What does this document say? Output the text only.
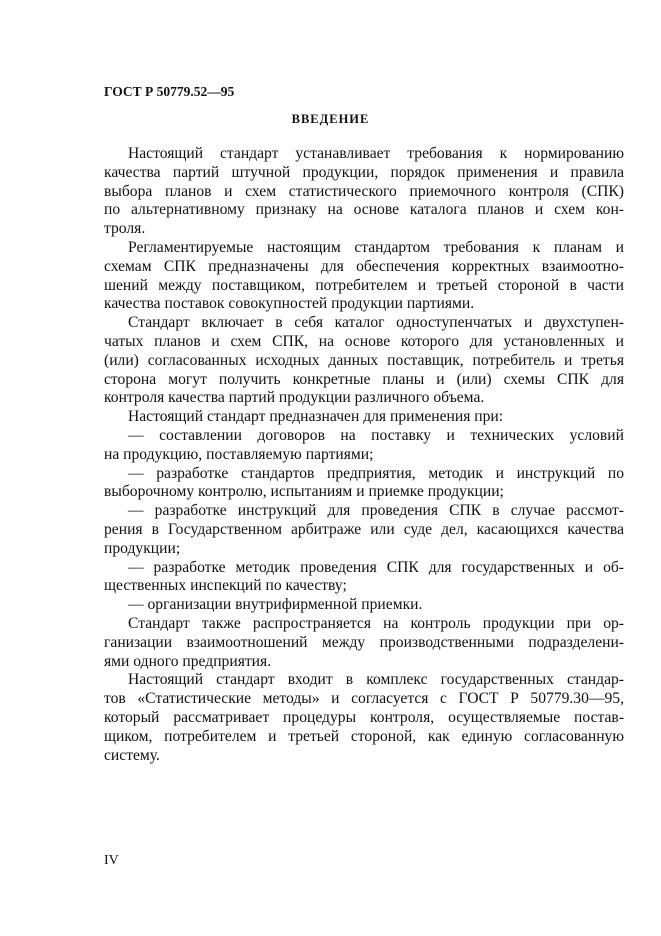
ГОСТ Р 50779.52—95
ВВЕДЕНИЕ
Настоящий стандарт устанавливает требования к нормированию
качества партий штучной продукции, порядок применения и правила
выбора планов и схем статистического приемочного контроля (СПК)
по альтернативному признаку на основе каталога планов и схем кон-
троля.
Регламентируемые настоящим стандартом требования к планам и
схемам СПК предназначены для обеспечения корректных взаимоотно-
шений между поставщиком, потребителем и третьей стороной в части
качества поставок совокупностей продукции партиями.
Стандарт включает в себя каталог одноступенчатых и двухступен-
чатых планов и схем СПК, на основе которого для установленных и
(или) согласованных исходных данных поставщик, потребитель и третья
сторона могут получить конкретные планы и (или) схемы СПК для
контроля качества партий продукции различного объема.
Настоящий стандарт предназначен для применения при:
— составлении договоров на поставку и технических условий
на продукцию, поставляемую партиями;
— разработке стандартов предприятия, методик и инструкций по
выборочному контролю, испытаниям и приемке продукции;
— разработке инструкций для проведения СПК в случае рассмот-
рения в Государственном арбитраже или суде дел, касающихся качества
продукции;
— разработке методик проведения СПК для государственных и об-
щественных инспекций по качеству;
— организации внутрифирменной приемки.
Стандарт также распространяется на контроль продукции при ор-
ганизации взаимоотношений между производственными подразделени-
ями одного предприятия.
Настоящий стандарт входит в комплекс государственных стандар-
тов «Статистические методы» и согласуется с ГОСТ Р 50779.30—95,
который рассматривает процедуры контроля, осуществляемые постав-
щиком, потребителем и третьей стороной, как единую согласованную
систему.
IV
